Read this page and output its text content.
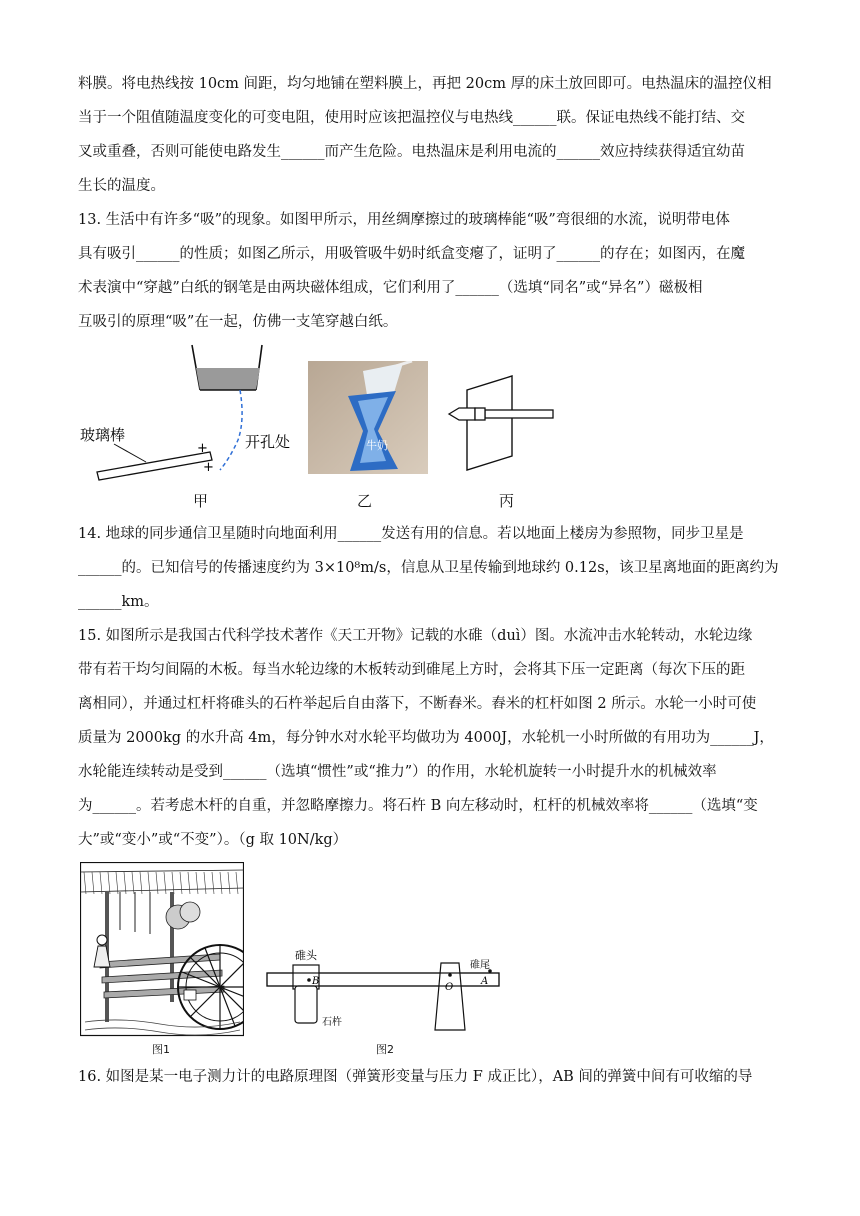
料膜。将电热线按 10cm 间距，均匀地铺在塑料膜上，再把 20cm 厚的床土放回即可。电热温床的温控仪相
当于一个阻值随温度变化的可变电阻，使用时应该把温控仪与电热线______联。保证电热线不能打结、交
叉或重叠，否则可能使电路发生______而产生危险。电热温床是利用电流的______效应持续获得适宜幼苗
生长的温度。
13. 生活中有许多“吸”的现象。如图甲所示，用丝绸摩擦过的玻璃棒能“吸”弯很细的水流，说明带电体
具有吸引______的性质；如图乙所示，用吸管吸牛奶时纸盒变瘪了，证明了______的存在；如图丙，在魔
术表演中“穿越”白纸的钢笔是由两块磁体组成，它们利用了______（选填“同名”或“异名”）磁极相
互吸引的原理“吸”在一起，仿佛一支笔穿越白纸。
玻璃棒
+
+
开孔处
甲
牛奶
乙	丙
14. 地球的同步通信卫星随时向地面利用______发送有用的信息。若以地面上楼房为参照物，同步卫星是
______的。已知信号的传播速度约为 3×10⁸m/s，信息从卫星传输到地球约 0.12s，该卫星离地面的距离约为
______km。
15. 如图所示是我国古代科学技术著作《天工开物》记载的水碓（duì）图。水流冲击水轮转动，水轮边缘
带有若干均匀间隔的木板。每当水轮边缘的木板转动到碓尾上方时，会将其下压一定距离（每次下压的距
离相同），并通过杠杆将碓头的石杵举起后自由落下，不断舂米。舂米的杠杆如图 2 所示。水轮一小时可使
质量为 2000kg 的水升高 4m，每分钟水对水轮平均做功为 4000J，水轮机一小时所做的有用功为______J，
水轮能连续转动是受到______（选填“惯性”或“推力”）的作用，水轮机旋转一小时提升水的机械效率
为______。若考虑木杆的自重，并忽略摩擦力。将石杵 B 向左移动时，杠杆的机械效率将______（选填“变
大”或“变小”或“不变”）。（g 取 10N/kg）
图1
B
O
A
碓头
碓尾
石杵
图2
16. 如图是某一电子测力计的电路原理图（弹簧形变量与压力 F 成正比），AB 间的弹簧中间有可收缩的导
